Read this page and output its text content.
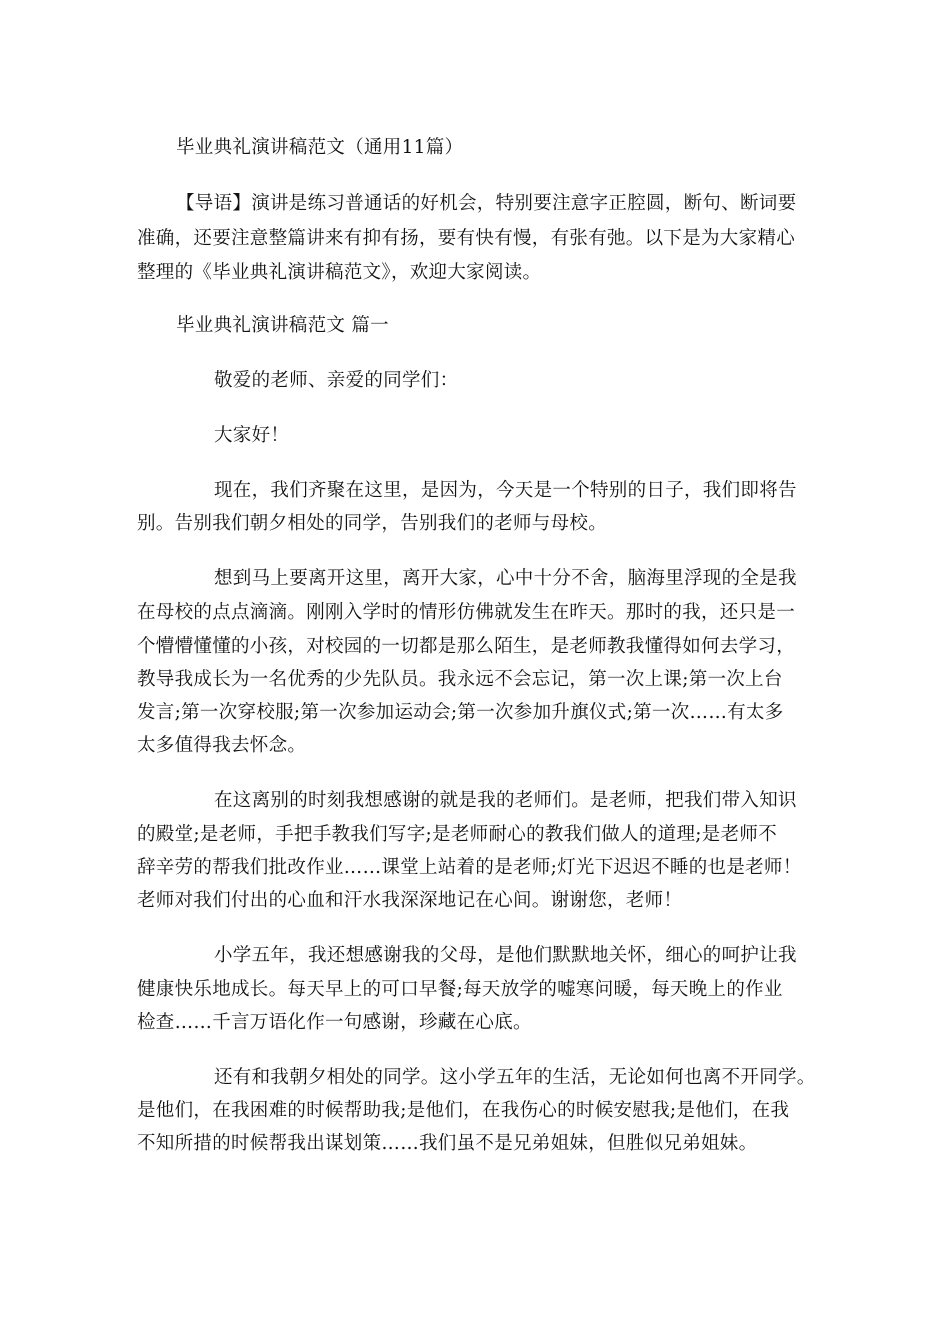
毕业典礼演讲稿范文（通用11篇）
【导语】演讲是练习普通话的好机会，特别要注意字正腔圆，断句、断词要
准确，还要注意整篇讲来有抑有扬，要有快有慢，有张有弛。以下是为大家精心
整理的《毕业典礼演讲稿范文》，欢迎大家阅读。
毕业典礼演讲稿范文 篇一
敬爱的老师、亲爱的同学们：
大家好！
现在，我们齐聚在这里，是因为，今天是一个特别的日子，我们即将告
别。告别我们朝夕相处的同学，告别我们的老师与母校。
想到马上要离开这里，离开大家，心中十分不舍，脑海里浮现的全是我
在母校的点点滴滴。刚刚入学时的情形仿佛就发生在昨天。那时的我，还只是一
个懵懵懂懂的小孩，对校园的一切都是那么陌生，是老师教我懂得如何去学习，
教导我成长为一名优秀的少先队员。我永远不会忘记，第一次上课;第一次上台
发言;第一次穿校服;第一次参加运动会;第一次参加升旗仪式;第一次……有太多
太多值得我去怀念。
在这离别的时刻我想感谢的就是我的老师们。是老师，把我们带入知识
的殿堂;是老师，手把手教我们写字;是老师耐心的教我们做人的道理;是老师不
辞辛劳的帮我们批改作业……课堂上站着的是老师;灯光下迟迟不睡的也是老师！
老师对我们付出的心血和汗水我深深地记在心间。谢谢您，老师！
小学五年，我还想感谢我的父母，是他们默默地关怀，细心的呵护让我
健康快乐地成长。每天早上的可口早餐;每天放学的嘘寒问暖，每天晚上的作业
检查……千言万语化作一句感谢，珍藏在心底。
还有和我朝夕相处的同学。这小学五年的生活，无论如何也离不开同学。
是他们，在我困难的时候帮助我;是他们，在我伤心的时候安慰我;是他们，在我
不知所措的时候帮我出谋划策……我们虽不是兄弟姐妹，但胜似兄弟姐妹。
